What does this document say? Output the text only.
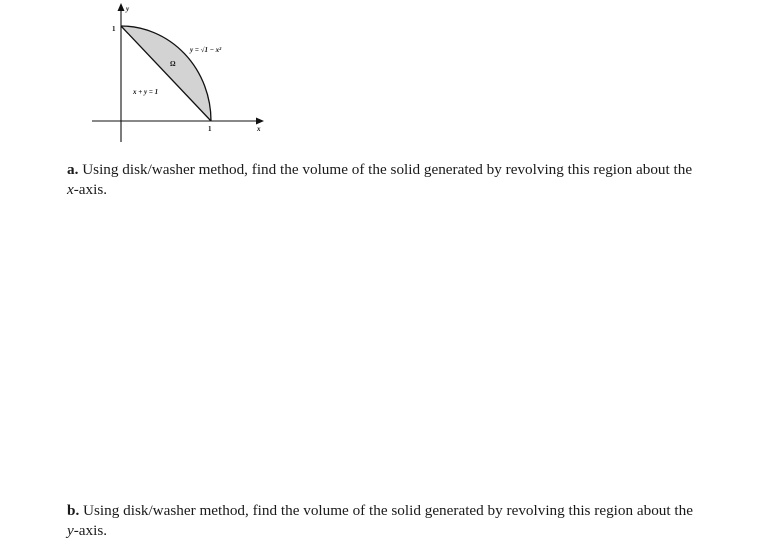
y
x
1
1
Ω
y = √1 − x²
x + y = 1
a. Using disk/washer method, find the volume of the solid generated by revolving this region about the x-axis.
b. Using disk/washer method, find the volume of the solid generated by revolving this region about the y-axis.
